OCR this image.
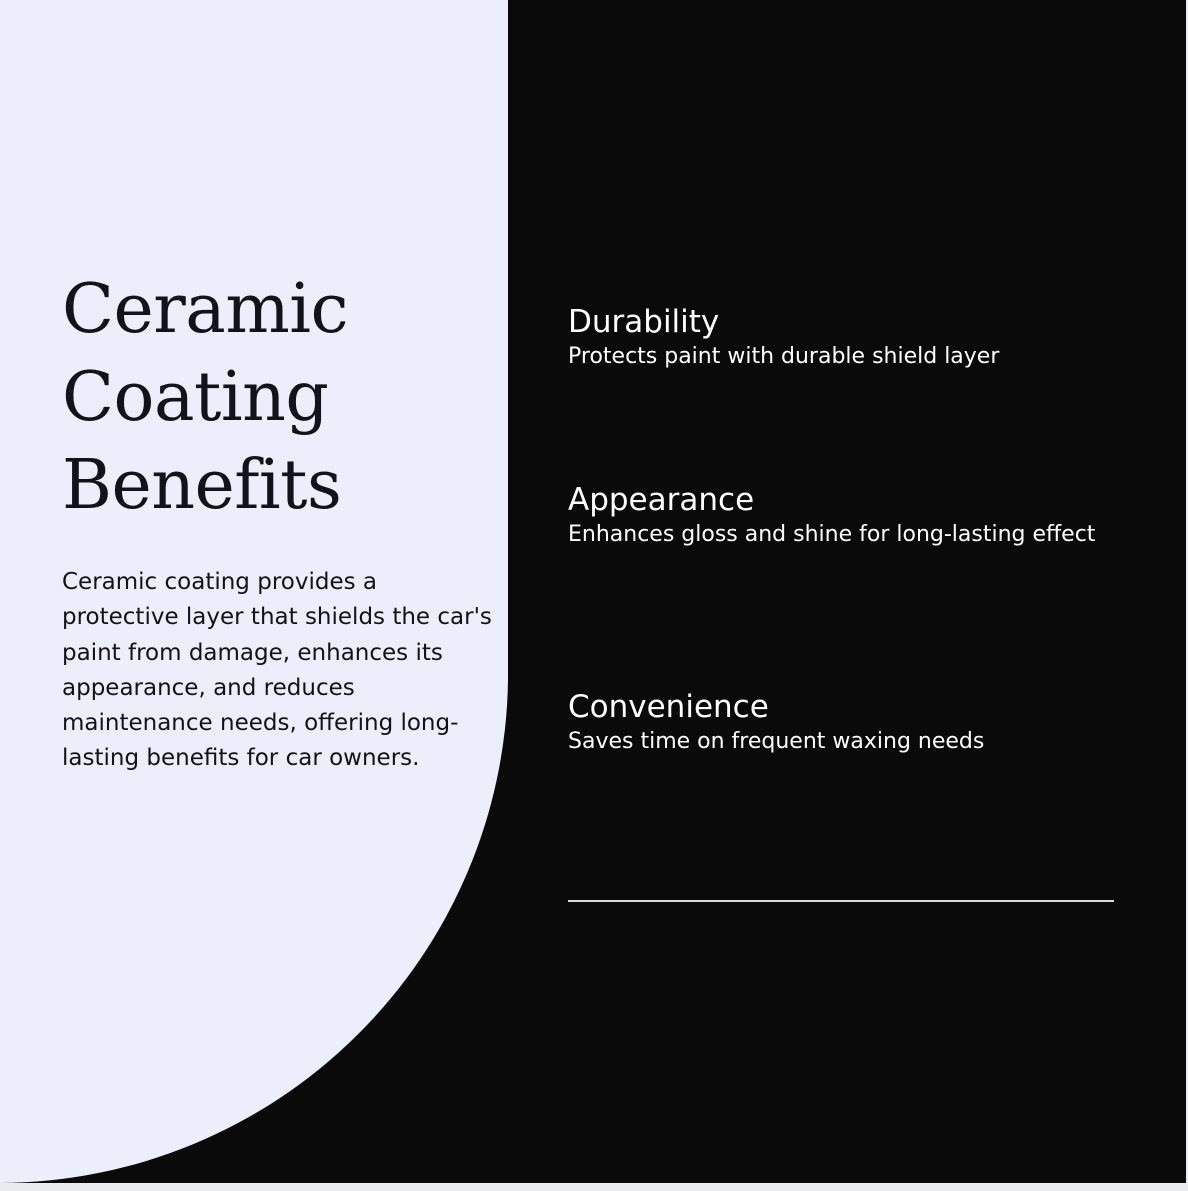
Ceramic
Coating
Benefits

Ceramic coating provides a protective layer that shields the car's paint from damage, enhances its appearance, and reduces maintenance needs, offering long-lasting benefits for car owners.

Durability

Protects paint with durable shield layer

Appearance

Enhances gloss and shine for long-lasting effect

Convenience

Saves time on frequent waxing needs
